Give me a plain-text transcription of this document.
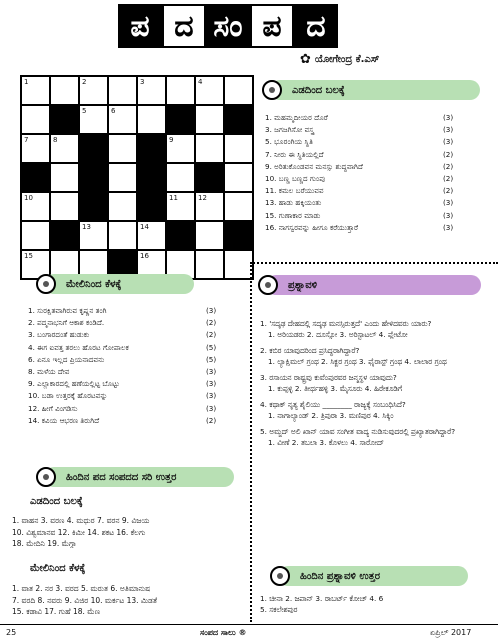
ಪ ದ ಸಂ ಪ ದ
✿ ಯೋಗೇಂದ್ರ ಕೆ.ಎಸ್
1	2	3	4
5	6
7	8	9
10	11	12
13	14
15	16
ಎಡದಿಂದ ಬಲಕ್ಕೆ
1. ಮಹಮ್ಮದೀಯರ ದೊರೆ	(3)
3. ಜಗಜಗಿಸೋ ವಸ್ತ್ರ	(3)
5. ಭೂರಂಗಿಯ ಸ್ಥಿತಿ	(3)
7. ನೀರು ಈ ಸ್ಥಿತಿಯಲ್ಲಿದೆ	(2)
9. ಅರಿತುಕೊಂಡವನ ಮನಸ್ಸು ಶುದ್ಧವಾಗಿದೆ	(2)
10. ಬಣ್ಣ ಬಣ್ಣದ ಗುಂಪು	(2)
11. ಕಮಲ ಬರೆಯುವವ	(2)
13. ಹಾಡು ಹಕ್ಕಿಯಂತು	(3)
15. ಗುಣಾಕಾರ ಮಾಡು	(3)
16. ನಾಗಸ್ವರವನ್ನು ಹೀಗೂ ಕರೆಯುತ್ತಾರೆ	(3)
ಮೇಲಿನಿಂದ ಕೆಳಕ್ಕೆ
1. ಸುರಕ್ಷಿತವಾಗಿರುವ ಕೃಷ್ಣನ ತಂಗಿ	(3)
2. ಪದ್ಮನಾಭನಿಗೆ ಆಕಾಶ ಕಂಡಿದೆ.	(2)
3. ಬಂಗಾರದಂತೆ ಹುಡುಕು	(2)
4. ಈಗ ಐವತ್ತ ತರಲು ಹೊರಟ ಗೋಪಾಲಕ	(5)
6. ಏನೂ ಇಲ್ಲದ ಪ್ರಿಯನಾದವನು	(5)
8. ಮಳೆಯ ದೇವ	(3)
9. ಎಲ್ಲಾಕಾರದಲ್ಲಿ ಹಣೆಯಲ್ಲಿಟ್ಟ ಬೊಟ್ಟು	(3)
10. ಬಡಾ ಉತ್ತರಕ್ಕೆ ಹೊರಟವನ್ನು	(3)
12. ಹೀಗೆ ವಿಂಗಡಿಸು	(3)
14. ಕವಿಯ ಆಭರಣ ತಿರುಗಿದೆ	(2)
ಹಿಂದಿನ ಪದ ಸಂಪದದ ಸರಿ ಉತ್ತರ
ಎಡದಿಂದ ಬಲಕ್ಕೆ
1. ವಾಹನ 3. ವರಣ 4. ಮಧುರ 7. ವರನ 9. ವಿಜಯ
10. ವಿಶ್ವಮಾನವ 12. ಕಿಮೀ 14. ಶಕಟ 16. ಕೆಲಗು
18. ಮೇದಿನಿ 19. ಮೆಗ್ಗಾ
ಮೇಲಿನಿಂದ ಕೆಳಕ್ಕೆ
1. ವಾತ 2. ನರ 3. ವರದ 5. ಮರುತ 6. ಅತಿಮಾನುಷ
7. ವರದಿ 8. ನವರು 9. ವಿಜಿರ 10. ಮರ್ಕಟ 13. ಮಿಡತೆ
15. ಕಡಾವಿ 17. ಗುಹೆ 18. ಮೆಣ
ಪ್ರಶ್ನಾವಳಿ

1. 'ಸದೃಢ ದೇಹದಲ್ಲಿ ಸದೃಢ ಮನಸ್ಸಿರುತ್ತದೆ' ಎಂದು ಹೇಳಿದವರು ಯಾರು?
1. ಅರಿಯಡರು 2. ದೂಸ್ಸೋ 3. ಅರಿಸ್ಟಾಟಲ್ 4. ಪ್ಲೇಟೋ

2. ಕಬಿರ ಯಾವುದರಿಂದ ಪ್ರಸಿದ್ಧರಾಗಿದ್ದಾರೆ?
1. ಲ್ಯಾಕ್ಷಿಮಲ್ ಗ್ರಂಥ 2. ಸಿಕ್ಖರ ಗ್ರಂಥ 3. ಫೈರಾಸ್ಟ್ ಗ್ರಂಥ 4. ಲಾಲಾರ ಗ್ರಂಥ

3. ರಸಾಯನ ರಾಷ್ಟ್ರವು ಕುವೆಂಪುರವರ ಜನ್ಮಸ್ಥಳ ಯಾವುದು?
1. ಕುಪ್ಪಳ್ಳಿ 2. ತೀರ್ಥಹಳ್ಳಿ 3. ಮೈಸೂರು 4. ಹಿರೇಕೂಡಿಗೆ

4. ಕಥಾಕ್ ನೃತ್ಯ ಶೈಲಿಯು ________ ರಾಜ್ಯಕ್ಕೆ ಸಂಬಂಧಿಸಿದೆ?
1. ನಾಗಾಲ್ಯಾಂಡ್ 2. ತ್ರಿಪುರಾ 3. ಮಣಿಪುರ 4. ಸಿಕ್ಕಿಂ

5. ಅಮ್ಜದ್ ಅಲಿ ಖಾನ್ ಯಾವ ಸಂಗೀತ ವಾದ್ಯ ನುಡಿಸುವುದರಲ್ಲಿ ಪ್ರಖ್ಯಾತರಾಗಿದ್ದಾರೆ?
1. ವೀಣೆ 2. ತಬಲಾ 3. ಕೊಳಲು 4. ಸಾರೋದ್

ಹಿಂದಿನ ಪ್ರಶ್ನಾವಳಿ ಉತ್ತರ
1. ಚೀನಾ 2. ಜಪಾನ್ 3. ರಾಬರ್ಟ್ ಕೋಚ್ 4. 6
5. ಸಕಲೇಶಪುರ
25	ಸಂಪದ ಸಾಲು ®	ಏಪ್ರಿಲ್ 2017
